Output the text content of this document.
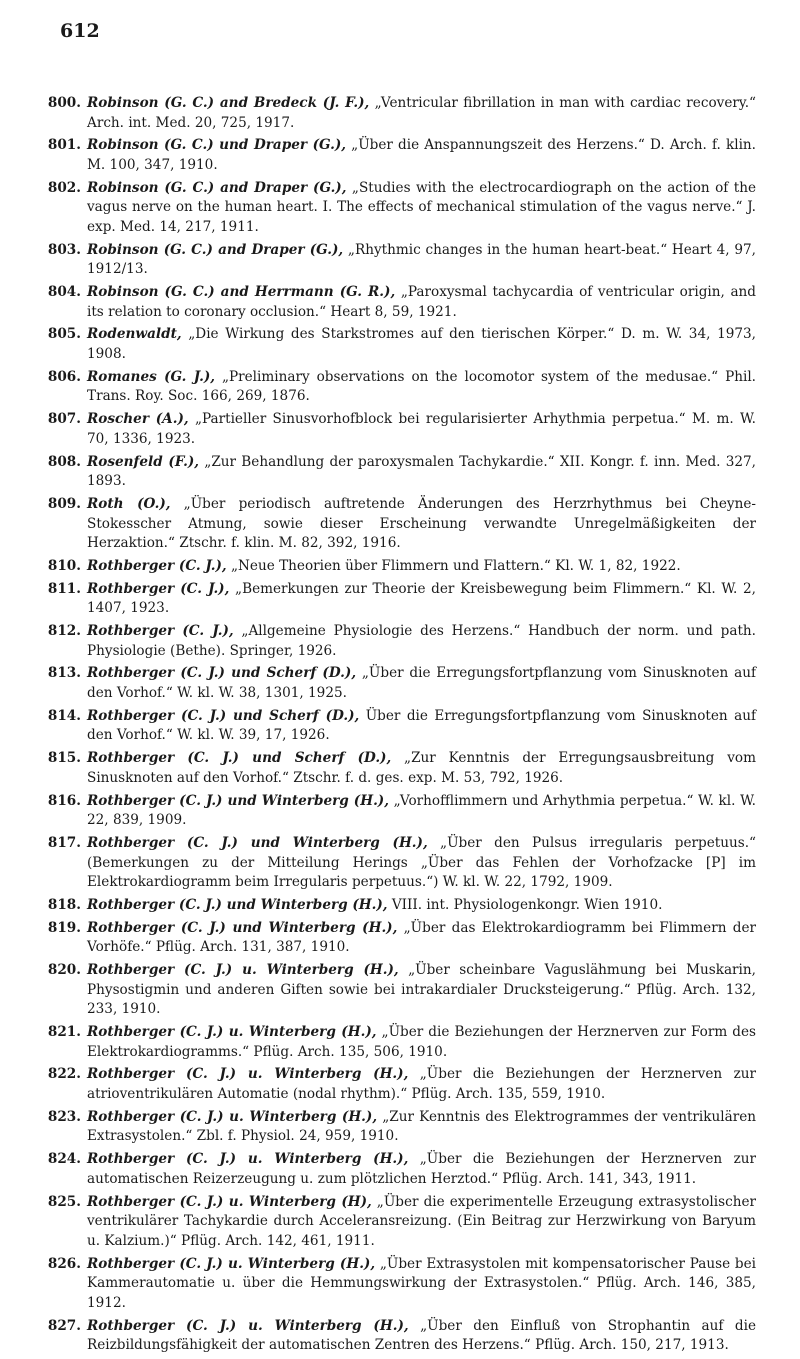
612
800. Robinson (G. C.) and Bredeck (J. F.), „Ventricular fibrillation in man with cardiac recovery.“ Arch. int. Med. 20, 725, 1917.
801. Robinson (G. C.) und Draper (G.), „Über die Anspannungszeit des Herzens.“ D. Arch. f. klin. M. 100, 347, 1910.
802. Robinson (G. C.) and Draper (G.), „Studies with the electrocardiograph on the action of the vagus nerve on the human heart. I. The effects of mechanical stimulation of the vagus nerve.“ J. exp. Med. 14, 217, 1911.
803. Robinson (G. C.) and Draper (G.), „Rhythmic changes in the human heart-beat.“ Heart 4, 97, 1912/13.
804. Robinson (G. C.) and Herrmann (G. R.), „Paroxysmal tachycardia of ventricular origin, and its relation to coronary occlusion.“ Heart 8, 59, 1921.
805. Rodenwaldt, „Die Wirkung des Starkstromes auf den tierischen Körper.“ D. m. W. 34, 1973, 1908.
806. Romanes (G. J.), „Preliminary observations on the locomotor system of the medusae.“ Phil. Trans. Roy. Soc. 166, 269, 1876.
807. Roscher (A.), „Partieller Sinusvorhofblock bei regularisierter Arhythmia perpetua.“ M. m. W. 70, 1336, 1923.
808. Rosenfeld (F.), „Zur Behandlung der paroxysmalen Tachykardie.“ XII. Kongr. f. inn. Med. 327, 1893.
809. Roth (O.), „Über periodisch auftretende Änderungen des Herzrhythmus bei Cheyne-Stokesscher Atmung, sowie dieser Erscheinung verwandte Unregelmäßigkeiten der Herzaktion.“ Ztschr. f. klin. M. 82, 392, 1916.
810. Rothberger (C. J.), „Neue Theorien über Flimmern und Flattern.“ Kl. W. 1, 82, 1922.
811. Rothberger (C. J.), „Bemerkungen zur Theorie der Kreisbewegung beim Flimmern.“ Kl. W. 2, 1407, 1923.
812. Rothberger (C. J.), „Allgemeine Physiologie des Herzens.“ Handbuch der norm. und path. Physiologie (Bethe). Springer, 1926.
813. Rothberger (C. J.) und Scherf (D.), „Über die Erregungsfortpflanzung vom Sinusknoten auf den Vorhof.“ W. kl. W. 38, 1301, 1925.
814. Rothberger (C. J.) und Scherf (D.), Über die Erregungsfortpflanzung vom Sinusknoten auf den Vorhof.“ W. kl. W. 39, 17, 1926.
815. Rothberger (C. J.) und Scherf (D.), „Zur Kenntnis der Erregungsausbreitung vom Sinusknoten auf den Vorhof.“ Ztschr. f. d. ges. exp. M. 53, 792, 1926.
816. Rothberger (C. J.) und Winterberg (H.), „Vorhofflimmern und Arhythmia perpetua.“ W. kl. W. 22, 839, 1909.
817. Rothberger (C. J.) und Winterberg (H.), „Über den Pulsus irregularis perpetuus.“ (Bemerkungen zu der Mitteilung Herings „Über das Fehlen der Vorhofzacke [P] im Elektrokardiogramm beim Irregularis perpetuus.“) W. kl. W. 22, 1792, 1909.
818. Rothberger (C. J.) und Winterberg (H.), VIII. int. Physiologenkongr. Wien 1910.
819. Rothberger (C. J.) und Winterberg (H.), „Über das Elektrokardiogramm bei Flimmern der Vorhöfe.“ Pflüg. Arch. 131, 387, 1910.
820. Rothberger (C. J.) u. Winterberg (H.), „Über scheinbare Vaguslähmung bei Muskarin, Physostigmin und anderen Giften sowie bei intrakardialer Drucksteigerung.“ Pflüg. Arch. 132, 233, 1910.
821. Rothberger (C. J.) u. Winterberg (H.), „Über die Beziehungen der Herznerven zur Form des Elektrokardiogramms.“ Pflüg. Arch. 135, 506, 1910.
822. Rothberger (C. J.) u. Winterberg (H.), „Über die Beziehungen der Herznerven zur atrioventrikulären Automatie (nodal rhythm).“ Pflüg. Arch. 135, 559, 1910.
823. Rothberger (C. J.) u. Winterberg (H.), „Zur Kenntnis des Elektrogrammes der ventrikulären Extrasystolen.“ Zbl. f. Physiol. 24, 959, 1910.
824. Rothberger (C. J.) u. Winterberg (H.), „Über die Beziehungen der Herznerven zur automatischen Reizerzeugung u. zum plötzlichen Herztod.“ Pflüg. Arch. 141, 343, 1911.
825. Rothberger (C. J.) u. Winterberg (H), „Über die experimentelle Erzeugung extrasystolischer ventrikulärer Tachykardie durch Acceleransreizung. (Ein Beitrag zur Herzwirkung von Baryum u. Kalzium.)“ Pflüg. Arch. 142, 461, 1911.
826. Rothberger (C. J.) u. Winterberg (H.), „Über Extrasystolen mit kompensatorischer Pause bei Kammerautomatie u. über die Hemmungswirkung der Extrasystolen.“ Pflüg. Arch. 146, 385, 1912.
827. Rothberger (C. J.) u. Winterberg (H.), „Über den Einfluß von Strophantin auf die Reizbildungsfähigkeit der automatischen Zentren des Herzens.“ Pflüg. Arch. 150, 217, 1913.
